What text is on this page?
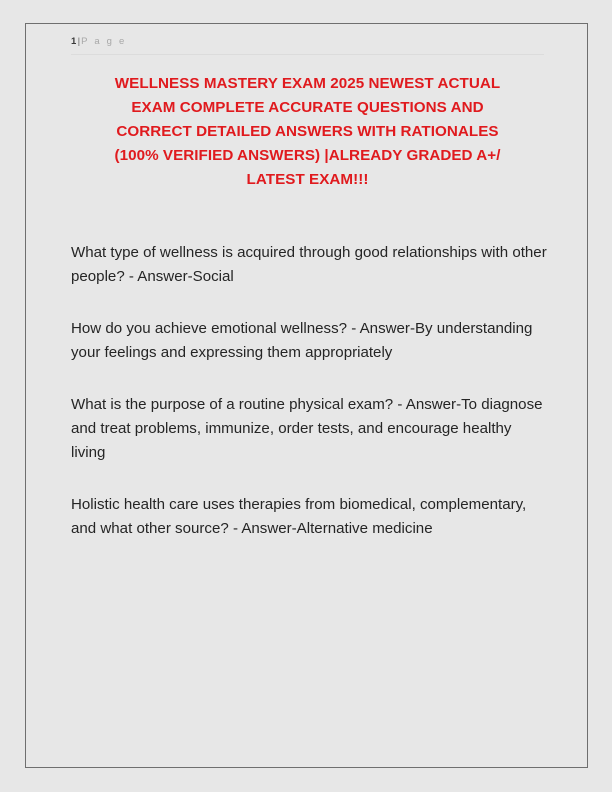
1|P a g e
WELLNESS MASTERY EXAM 2025 NEWEST ACTUAL
EXAM COMPLETE ACCURATE QUESTIONS AND
CORRECT DETAILED ANSWERS WITH RATIONALES
(100% VERIFIED ANSWERS) |ALREADY GRADED A+/
LATEST EXAM!!!

What type of wellness is acquired through good relationships with other people? - Answer-Social

How do you achieve emotional wellness? - Answer-By understanding your feelings and expressing them appropriately

What is the purpose of a routine physical exam? - Answer-To diagnose and treat problems, immunize, order tests, and encourage healthy living

Holistic health care uses therapies from biomedical, complementary, and what other source? - Answer-Alternative medicine
